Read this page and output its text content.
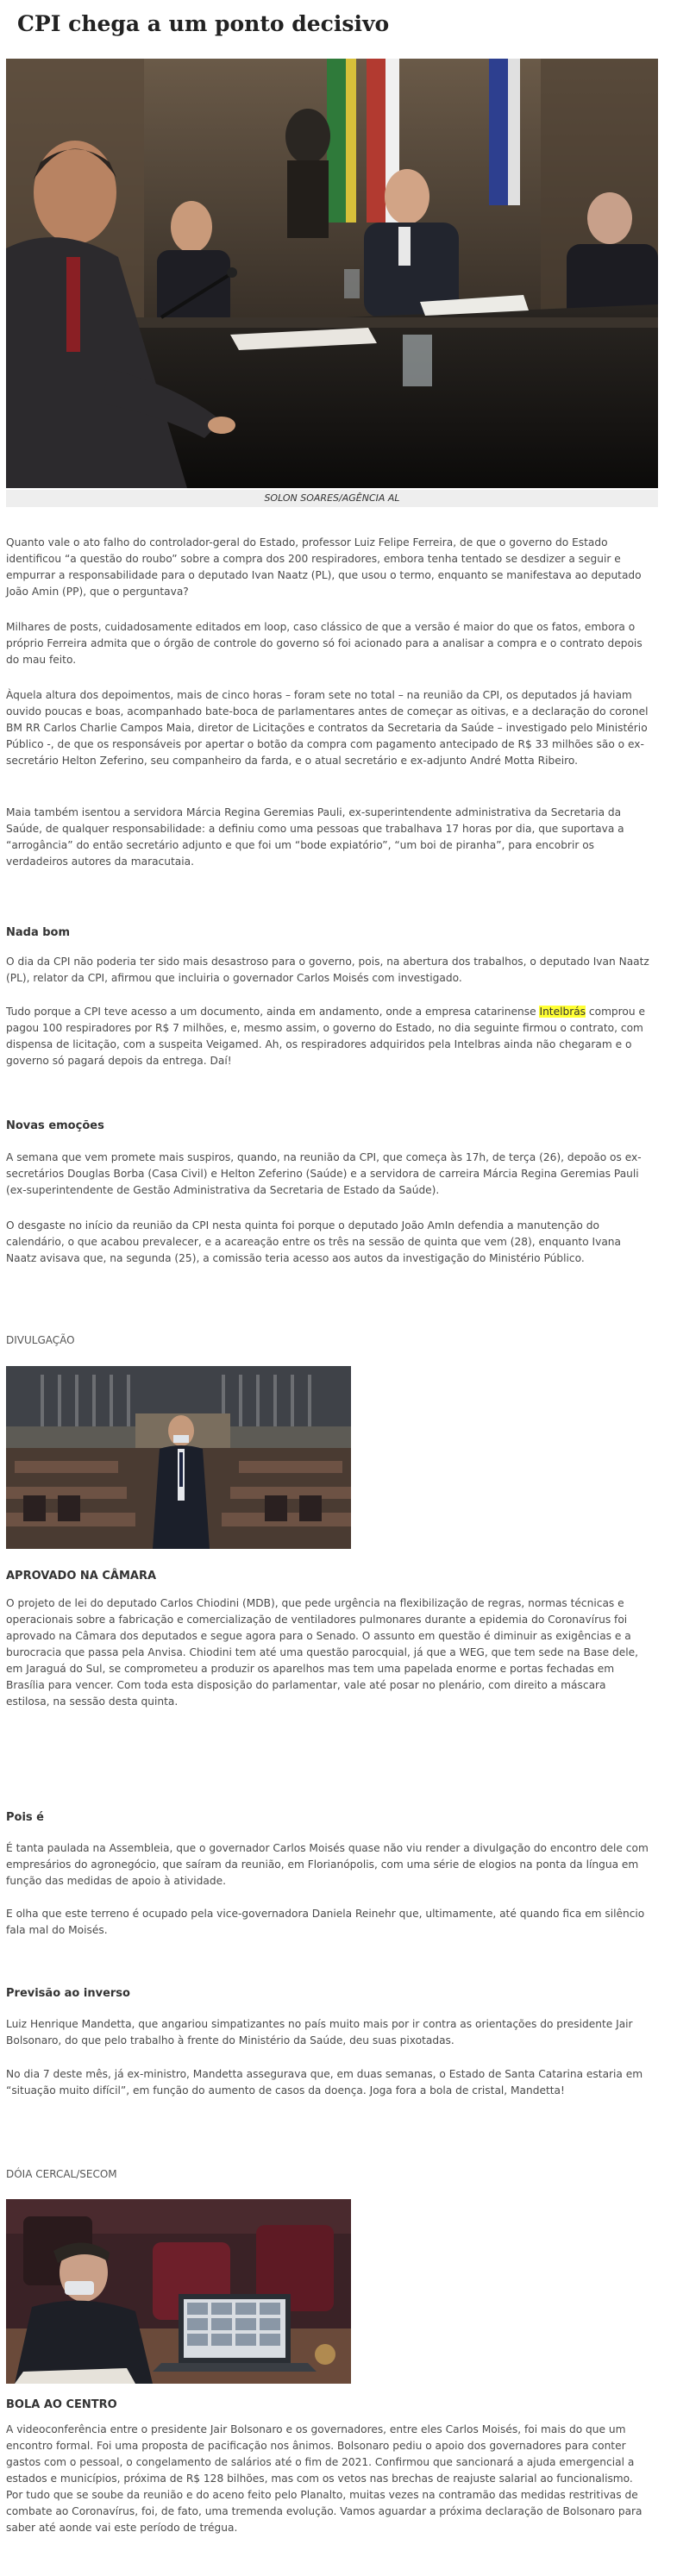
CPI chega a um ponto decisivo
SOLON SOARES/AGÊNCIA AL

Quanto vale o ato falho do controlador-geral do Estado, professor Luiz Felipe Ferreira, de que o governo do Estado identificou “a questão do roubo” sobre a compra dos 200 respiradores, embora tenha tentado se desdizer a seguir e empurrar a responsabilidade para o deputado Ivan Naatz (PL), que usou o termo, enquanto se manifestava ao deputado João Amin (PP), que o perguntava?

Milhares de posts, cuidadosamente editados em loop, caso clássico de que a versão é maior do que os fatos, embora o próprio Ferreira admita que o órgão de controle do governo só foi acionado para a analisar a compra e o contrato depois do mau feito.

Àquela altura dos depoimentos, mais de cinco horas – foram sete no total – na reunião da CPI, os deputados já haviam ouvido poucas e boas, acompanhado bate-boca de parlamentares antes de começar as oitivas, e a declaração do coronel BM RR Carlos Charlie Campos Maia, diretor de Licitações e contratos da Secretaria da Saúde – investigado pelo Ministério Público -, de que os responsáveis por apertar o botão da compra com pagamento antecipado de R$ 33 milhões são o ex-secretário Helton Zeferino, seu companheiro da farda, e o atual secretário e ex-adjunto André Motta Ribeiro.

Maia também isentou a servidora Márcia Regina Geremias Pauli, ex-superintendente administrativa da Secretaria da Saúde, de qualquer responsabilidade: a definiu como uma pessoas que trabalhava 17 horas por dia, que suportava a “arrogância” do então secretário adjunto e que foi um “bode expiatório”, “um boi de piranha”, para encobrir os verdadeiros autores da maracutaia.

Nada bom

O dia da CPI não poderia ter sido mais desastroso para o governo, pois, na abertura dos trabalhos, o deputado Ivan Naatz (PL), relator da CPI, afirmou que incluiria o governador Carlos Moisés com investigado.

Tudo porque a CPI teve acesso a um documento, ainda em andamento, onde a empresa catarinense Intelbrás comprou e pagou 100 respiradores por R$ 7 milhões, e, mesmo assim, o governo do Estado, no dia seguinte firmou o contrato, com dispensa de licitação, com a suspeita Veigamed. Ah, os respiradores adquiridos pela Intelbras ainda não chegaram e o governo só pagará depois da entrega. Daí!

Novas emoções

A semana que vem promete mais suspiros, quando, na reunião da CPI, que começa às 17h, de terça (26), depoão os ex-secretários Douglas Borba (Casa Civil) e Helton Zeferino (Saúde) e a servidora de carreira Márcia Regina Geremias Pauli (ex-superintendente de Gestão Administrativa da Secretaria de Estado da Saúde).

O desgaste no início da reunião da CPI nesta quinta foi porque o deputado João AmIn defendia a manutenção do calendário, o que acabou prevalecer, e a acareação entre os três na sessão de quinta que vem (28), enquanto Ivana Naatz avisava que, na segunda (25), a comissão teria acesso aos autos da investigação do Ministério Público.

DIVULGAÇÃO

APROVADO NA CÂMARA

O projeto de lei do deputado Carlos Chiodini (MDB), que pede urgência na flexibilização de regras, normas técnicas e operacionais sobre a fabricação e comercialização de ventiladores pulmonares durante a epidemia do Coronavírus foi aprovado na Câmara dos deputados e segue agora para o Senado. O assunto em questão é diminuir as exigências e a burocracia que passa pela Anvisa. Chiodini tem até uma questão parocquial, já que a WEG, que tem sede na Base dele, em Jaraguá do Sul, se comprometeu a produzir os aparelhos mas tem uma papelada enorme e portas fechadas em Brasília para vencer. Com toda esta disposição do parlamentar, vale até posar no plenário, com direito a máscara estilosa, na sessão desta quinta.

Pois é

É tanta paulada na Assembleia, que o governador Carlos Moisés quase não viu render a divulgação do encontro dele com empresários do agronegócio, que saíram da reunião, em Florianópolis, com uma série de elogios na ponta da língua em função das medidas de apoio à atividade.

E olha que este terreno é ocupado pela vice-governadora Daniela Reinehr que, ultimamente, até quando fica em silêncio fala mal do Moisés.

Previsão ao inverso

Luiz Henrique Mandetta, que angariou simpatizantes no país muito mais por ir contra as orientações do presidente Jair Bolsonaro, do que pelo trabalho à frente do Ministério da Saúde, deu suas pixotadas.

No dia 7 deste mês, já ex-ministro, Mandetta assegurava que, em duas semanas, o Estado de Santa Catarina estaria em “situação muito difícil”, em função do aumento de casos da doença. Joga fora a bola de cristal, Mandetta!

DÓIA CERCAL/SECOM

BOLA AO CENTRO

A videoconferência entre o presidente Jair Bolsonaro e os governadores, entre eles Carlos Moisés, foi mais do que um encontro formal. Foi uma proposta de pacificação nos ânimos. Bolsonaro pediu o apoio dos governadores para conter gastos com o pessoal, o congelamento de salários até o fim de 2021. Confirmou que sancionará a ajuda emergencial a estados e municípios, próxima de R$ 128 bilhões, mas com os vetos nas brechas de reajuste salarial ao funcionalismo. Por tudo que se soube da reunião e do aceno feito pelo Planalto, muitas vezes na contramão das medidas restritivas de combate ao Coronavírus, foi, de fato, uma tremenda evolução. Vamos aguardar a próxima declaração de Bolsonaro para saber até aonde vai este período de trégua.
